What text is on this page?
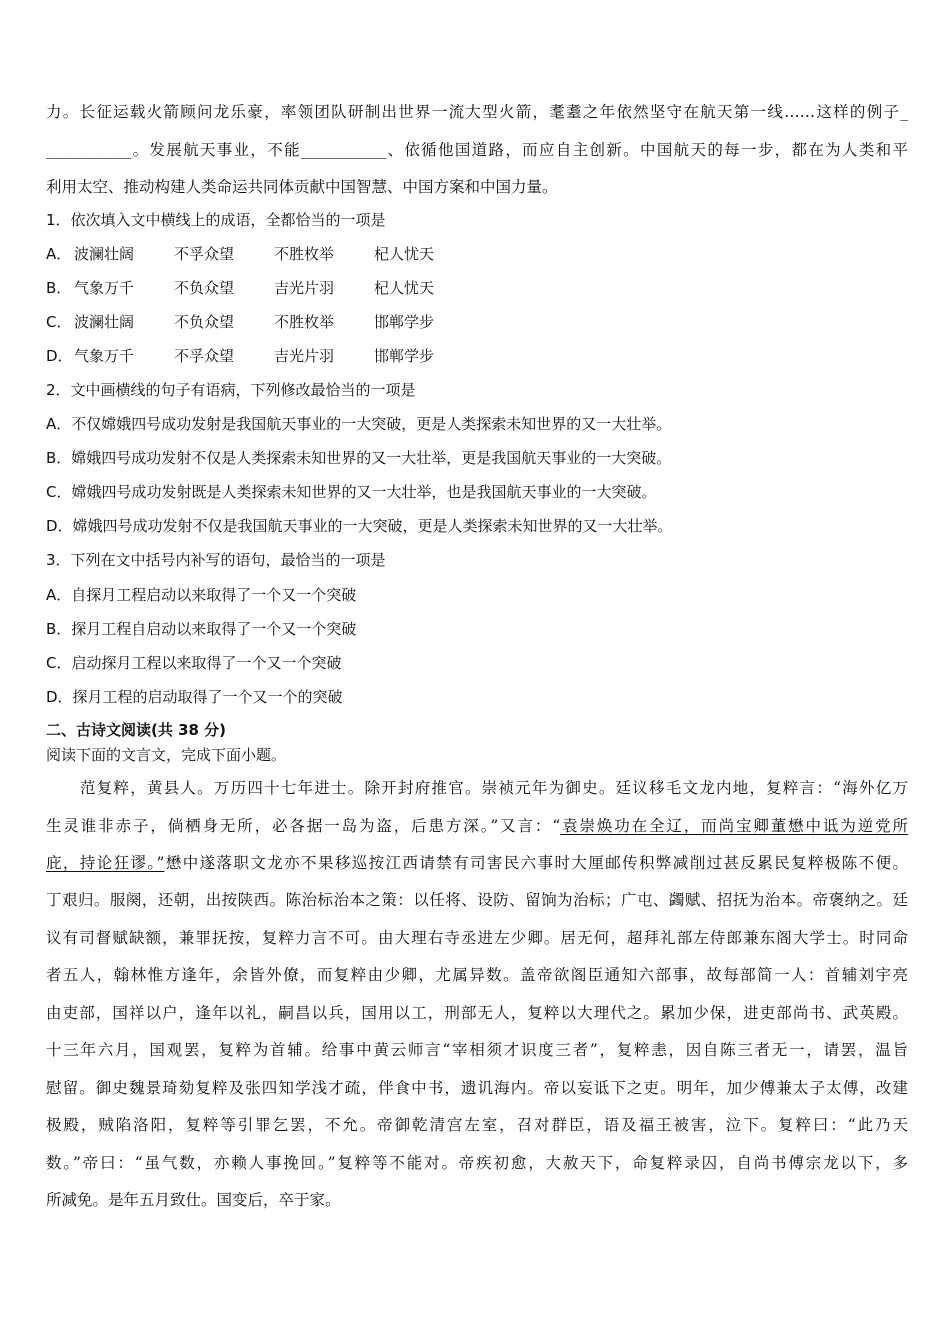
力。长征运载火箭顾问龙乐豪，率领团队研制出世界一流大型火箭，耄耋之年依然坚守在航天第一线……这样的例子_
___________。发展航天事业，不能___________、依循他国道路，而应自主创新。中国航天的每一步，都在为人类和平
利用太空、推动构建人类命运共同体贡献中国智慧、中国方案和中国力量。
1．依次填入文中横线上的成语，全都恰当的一项是
A． 波澜壮阔	不孚众望	不胜枚举	杞人忧天
B． 气象万千	不负众望	吉光片羽	杞人忧天
C． 波澜壮阔	不负众望	不胜枚举	邯郸学步
D．气象万千	不孚众望	吉光片羽	邯郸学步
2．文中画横线的句子有语病，下列修改最恰当的一项是
A．不仅嫦娥四号成功发射是我国航天事业的一大突破，更是人类探索未知世界的又一大壮举。
B．嫦娥四号成功发射不仅是人类探索未知世界的又一大壮举，更是我国航天事业的一大突破。
C．嫦娥四号成功发射既是人类探索未知世界的又一大壮举，也是我国航天事业的一大突破。
D．嫦娥四号成功发射不仅是我国航天事业的一大突破，更是人类探索未知世界的又一大壮举。
3．下列在文中括号内补写的语句，最恰当的一项是
A．自探月工程启动以来取得了一个又一个突破
B．探月工程自启动以来取得了一个又一个突破
C．启动探月工程以来取得了一个又一个突破
D．探月工程的启动取得了一个又一个的突破
二、古诗文阅读(共 38 分)
阅读下面的文言文，完成下面小题。
范复粹，黄县人。万历四十七年进士。除开封府推官。崇祯元年为御史。廷议移毛文龙内地，复粹言：“海外亿万
生灵谁非赤子，倘栖身无所，必各据一岛为盗，后患方深。”又言：“袁崇焕功在全辽，而尚宝卿董懋中诋为逆党所
庇，持论狂谬。”懋中遂落职文龙亦不果移巡按江西请禁有司害民六事时大厘邮传积弊减削过甚反累民复粹极陈不便。
丁艰归。服阕，还朝，出按陕西。陈治标治本之策：以任将、设防、留饷为治标；广屯、蠲赋、招抚为治本。帝褒纳之。廷
议有司督赋缺额，兼罪抚按，复粹力言不可。由大理右寺丞进左少卿。居无何，超拜礼部左侍郎兼东阁大学士。时同命
者五人，翰林惟方逢年，余皆外僚，而复粹由少卿，尤属异数。盖帝欲阁臣通知六部事，故每部简一人：首辅刘宇亮
由吏部，国祥以户，逢年以礼，嗣昌以兵，国用以工，刑部无人，复粹以大理代之。累加少保，进吏部尚书、武英殿。
十三年六月，国观罢，复粹为首辅。给事中黄云师言“宰相须才识度三者”，复粹恚，因自陈三者无一，请罢，温旨
慰留。御史魏景琦劾复粹及张四知学浅才疏，伴食中书，遗讥海内。帝以妄诋下之吏。明年，加少傅兼太子太傅，改建
极殿，贼陷洛阳，复粹等引罪乞罢，不允。帝御乾清宫左室，召对群臣，语及福王被害，泣下。复粹曰：“此乃天
数。”帝曰：“虽气数，亦赖人事挽回。”复粹等不能对。帝疾初愈，大赦天下，命复粹录囚，自尚书傅宗龙以下，多
所减免。是年五月致仕。国变后，卒于家。
